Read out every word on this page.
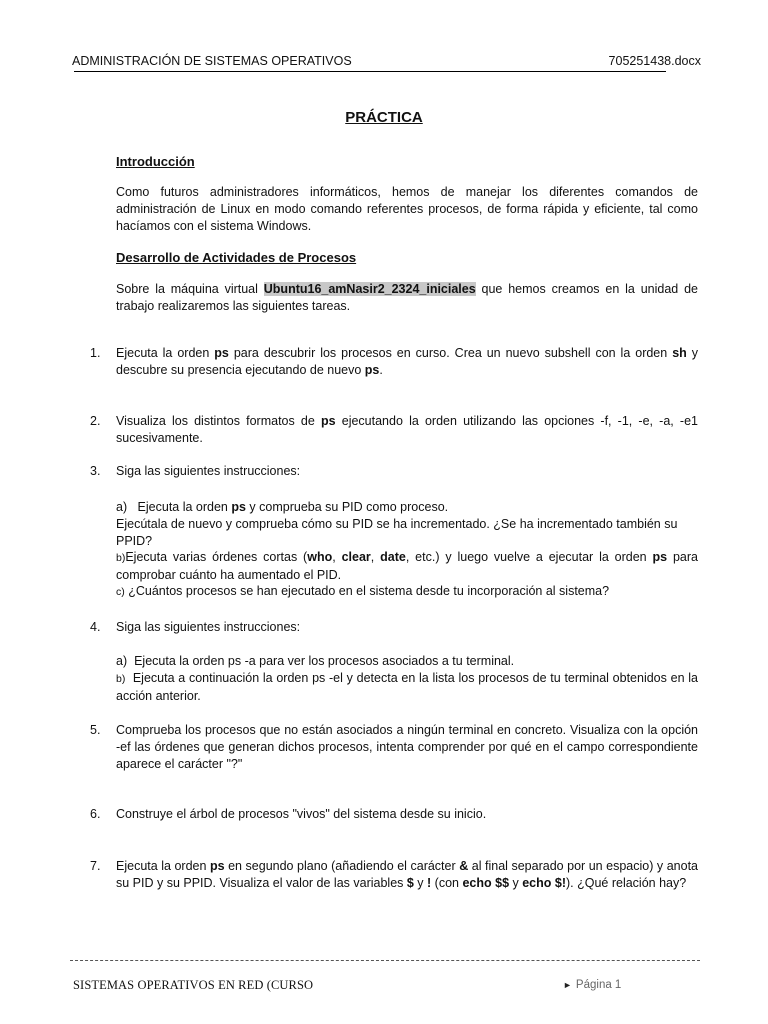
ADMINISTRACIÓN DE SISTEMAS OPERATIVOS	705251438.docx
PRÁCTICA
Introducción
Como futuros administradores informáticos, hemos de manejar los diferentes comandos de administración de Linux en modo comando referentes procesos, de forma rápida y eficiente, tal como hacíamos con el sistema Windows.
Desarrollo de Actividades de Procesos
Sobre la máquina virtual Ubuntu16_amNasir2_2324_iniciales que hemos creamos en la unidad de trabajo realizaremos las siguientes tareas.
1.	Ejecuta la orden ps para descubrir los procesos en curso. Crea un nuevo subshell con la orden sh y descubre su presencia ejecutando de nuevo ps.
2.	Visualiza los distintos formatos de ps ejecutando la orden utilizando las opciones -f, -1, -e, -a, -e1 sucesivamente.
3.	Siga las siguientes instrucciones:
a) Ejecuta la orden ps y comprueba su PID como proceso.
Ejecútala de nuevo y comprueba cómo su PID se ha incrementado. ¿Se ha incrementado también su PPID?
b)Ejecuta varias órdenes cortas (who, clear, date, etc.) y luego vuelve a ejecutar la orden ps para comprobar cuánto ha aumentado el PID.
c) ¿Cuántos procesos se han ejecutado en el sistema desde tu incorporación al sistema?
4.	Siga las siguientes instrucciones:
a) Ejecuta la orden ps -a para ver los procesos asociados a tu terminal.
b) Ejecuta a continuación la orden ps -el y detecta en la lista los procesos de tu terminal obtenidos en la acción anterior.
5.	Comprueba los procesos que no están asociados a ningún terminal en concreto. Visualiza con la opción -ef las órdenes que generan dichos procesos, intenta comprender por qué en el campo correspondiente aparece el carácter "?"
6.	Construye el árbol de procesos "vivos" del sistema desde su inicio.
7.	Ejecuta la orden ps en segundo plano (añadiendo el carácter & al final separado por un espacio) y anota su PID y su PPID. Visualiza el valor de las variables $ y ! (con echo $$ y echo $!). ¿Qué relación hay?
SISTEMAS OPERATIVOS EN RED (CURSO	► Página 1
